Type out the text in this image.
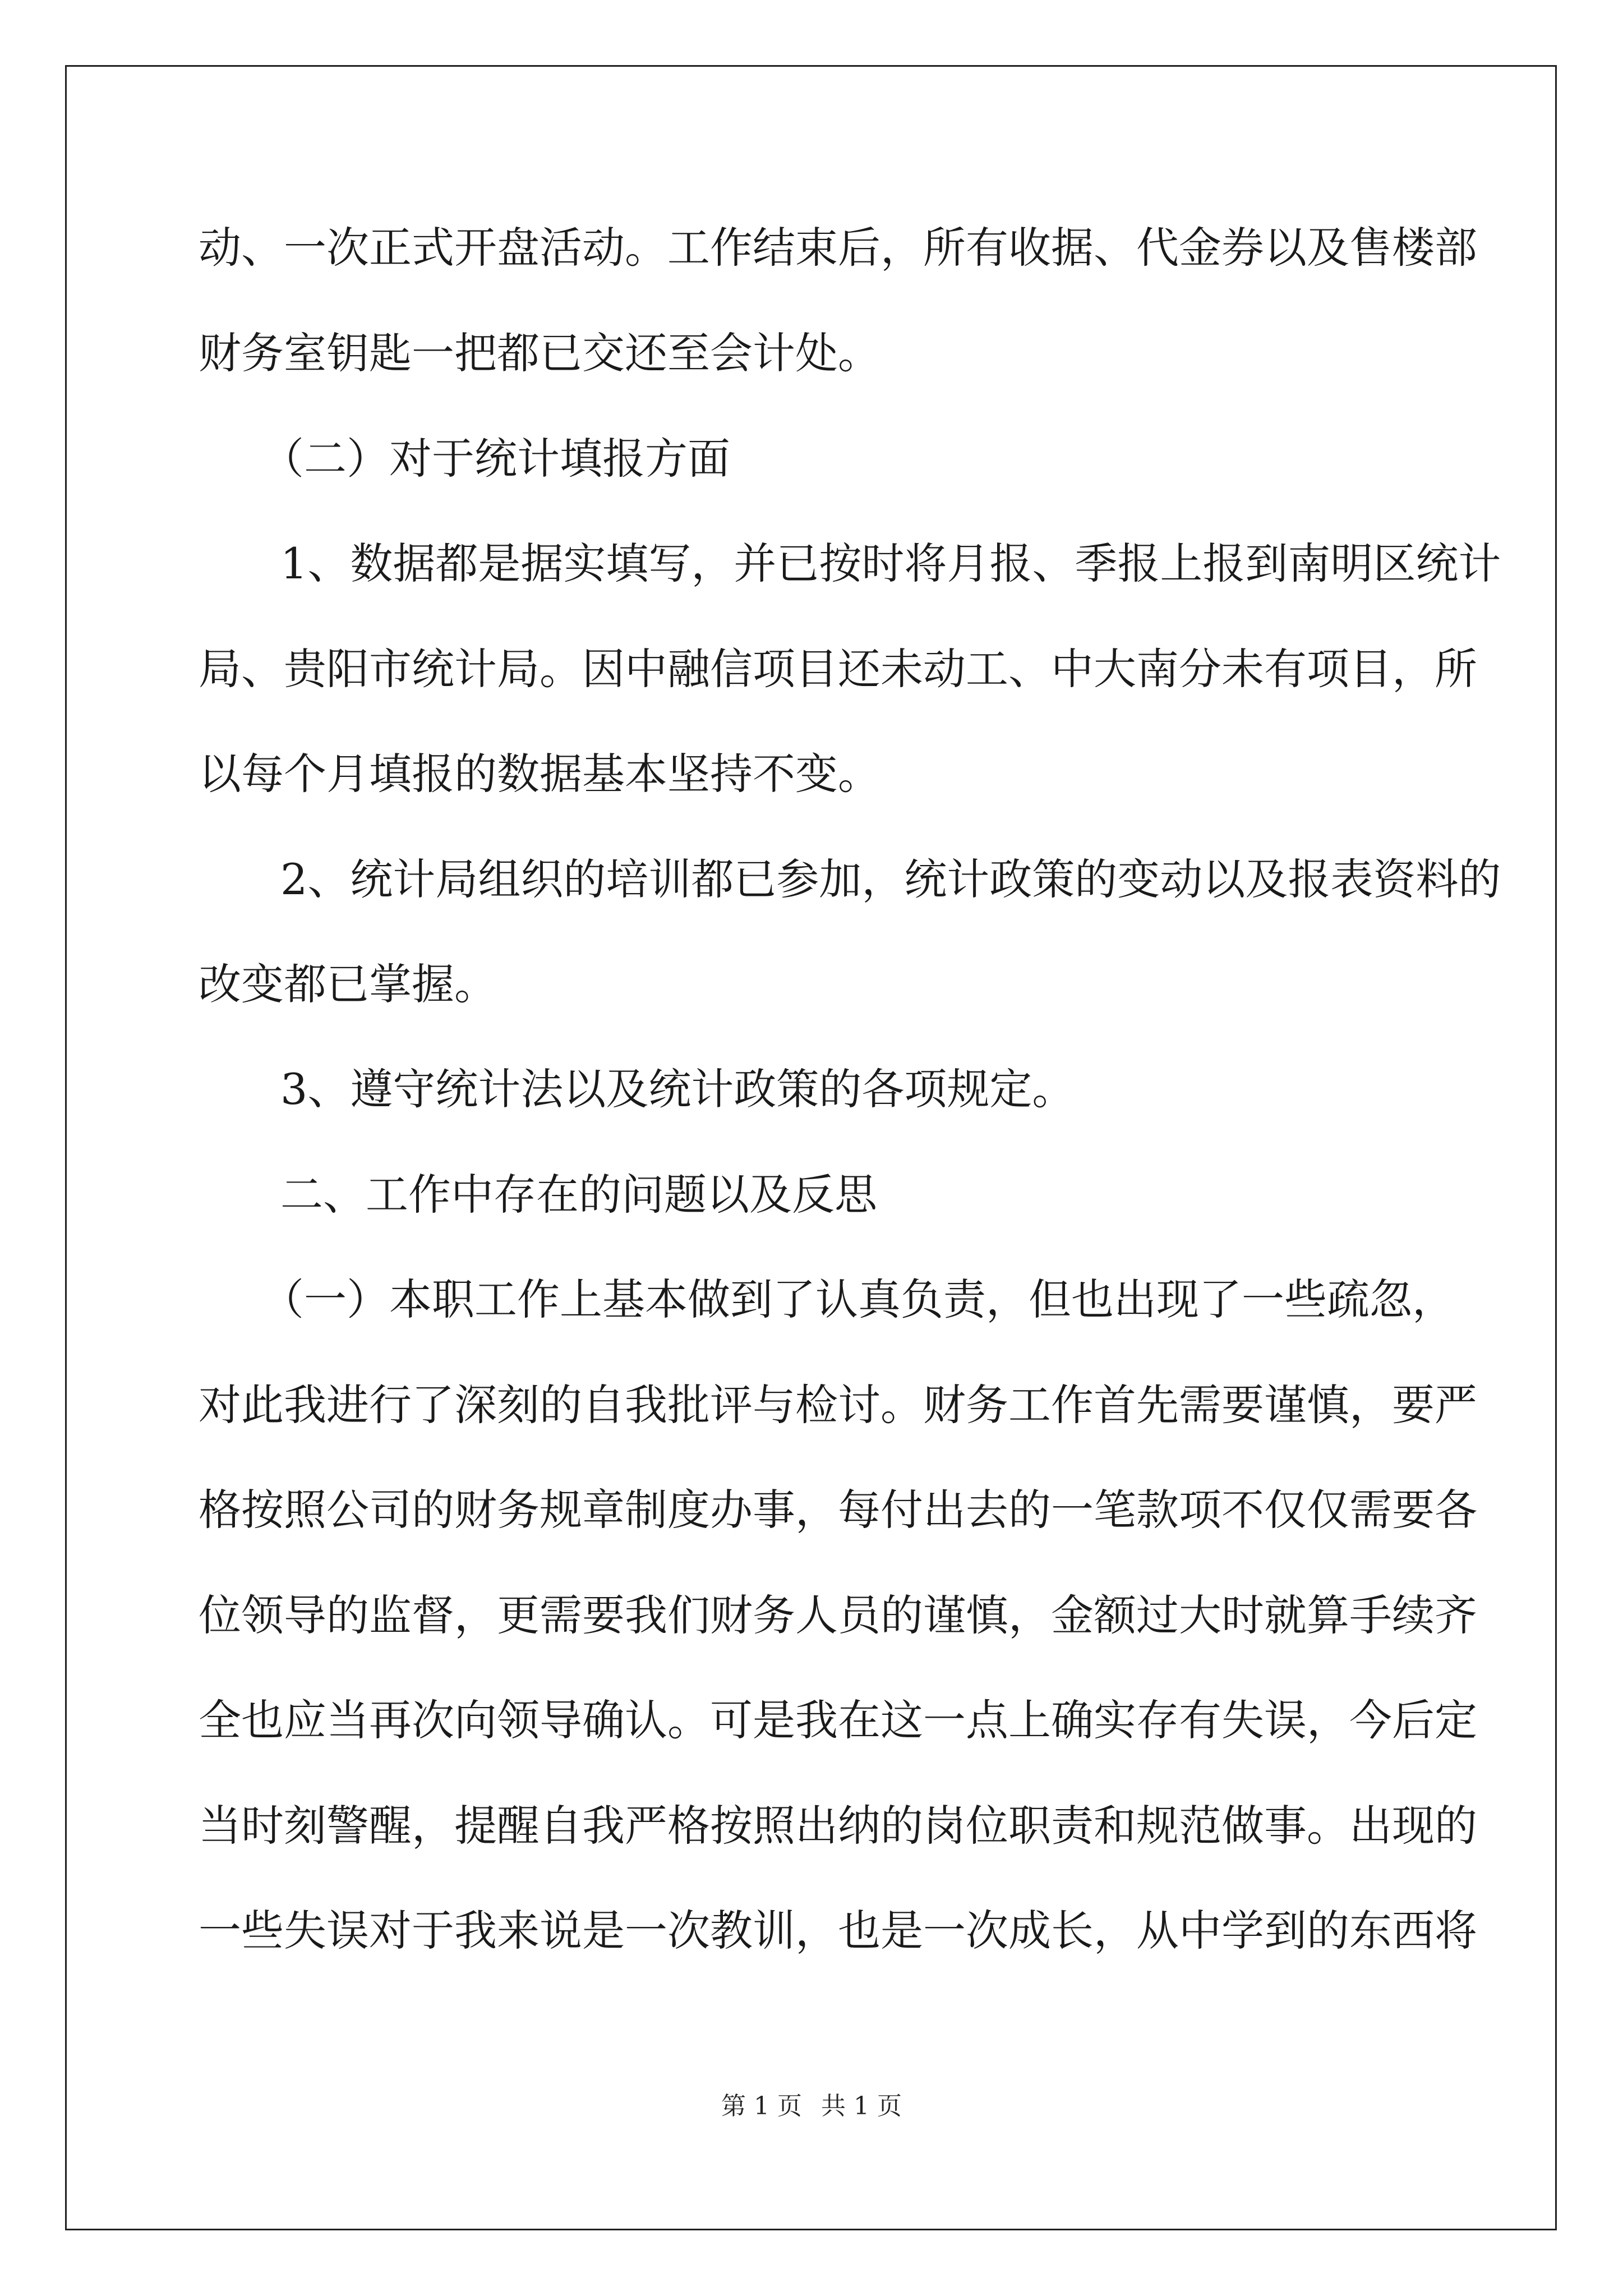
动、一次正式开盘活动。工作结束后，所有收据、代金券以及售楼部
财务室钥匙一把都已交还至会计处。
（二）对于统计填报方面
1、数据都是据实填写，并已按时将月报、季报上报到南明区统计
局、贵阳市统计局。因中融信项目还未动工、中大南分未有项目，所
以每个月填报的数据基本坚持不变。
2、统计局组织的培训都已参加，统计政策的变动以及报表资料的
改变都已掌握。
3、遵守统计法以及统计政策的各项规定。
二、工作中存在的问题以及反思
（一）本职工作上基本做到了认真负责，但也出现了一些疏忽，
对此我进行了深刻的自我批评与检讨。财务工作首先需要谨慎，要严
格按照公司的财务规章制度办事，每付出去的一笔款项不仅仅需要各
位领导的监督，更需要我们财务人员的谨慎，金额过大时就算手续齐
全也应当再次向领导确认。可是我在这一点上确实存有失误，今后定
当时刻警醒，提醒自我严格按照出纳的岗位职责和规范做事。出现的
一些失误对于我来说是一次教训，也是一次成长，从中学到的东西将
第 1 页 共 1 页
